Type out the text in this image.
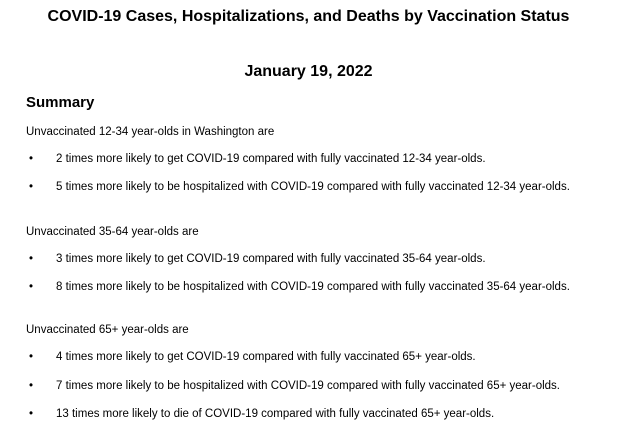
COVID-19 Cases, Hospitalizations, and Deaths by Vaccination Status
January 19, 2022
Summary
Unvaccinated 12-34 year-olds in Washington are
• 2 times more likely to get COVID-19 compared with fully vaccinated 12-34 year-olds.
• 5 times more likely to be hospitalized with COVID-19 compared with fully vaccinated 12-34 year-olds.
Unvaccinated 35-64 year-olds are
• 3 times more likely to get COVID-19 compared with fully vaccinated 35-64 year-olds.
• 8 times more likely to be hospitalized with COVID-19 compared with fully vaccinated 35-64 year-olds.
Unvaccinated 65+ year-olds are
• 4 times more likely to get COVID-19 compared with fully vaccinated 65+ year-olds.
• 7 times more likely to be hospitalized with COVID-19 compared with fully vaccinated 65+ year-olds.
• 13 times more likely to die of COVID-19 compared with fully vaccinated 65+ year-olds.
